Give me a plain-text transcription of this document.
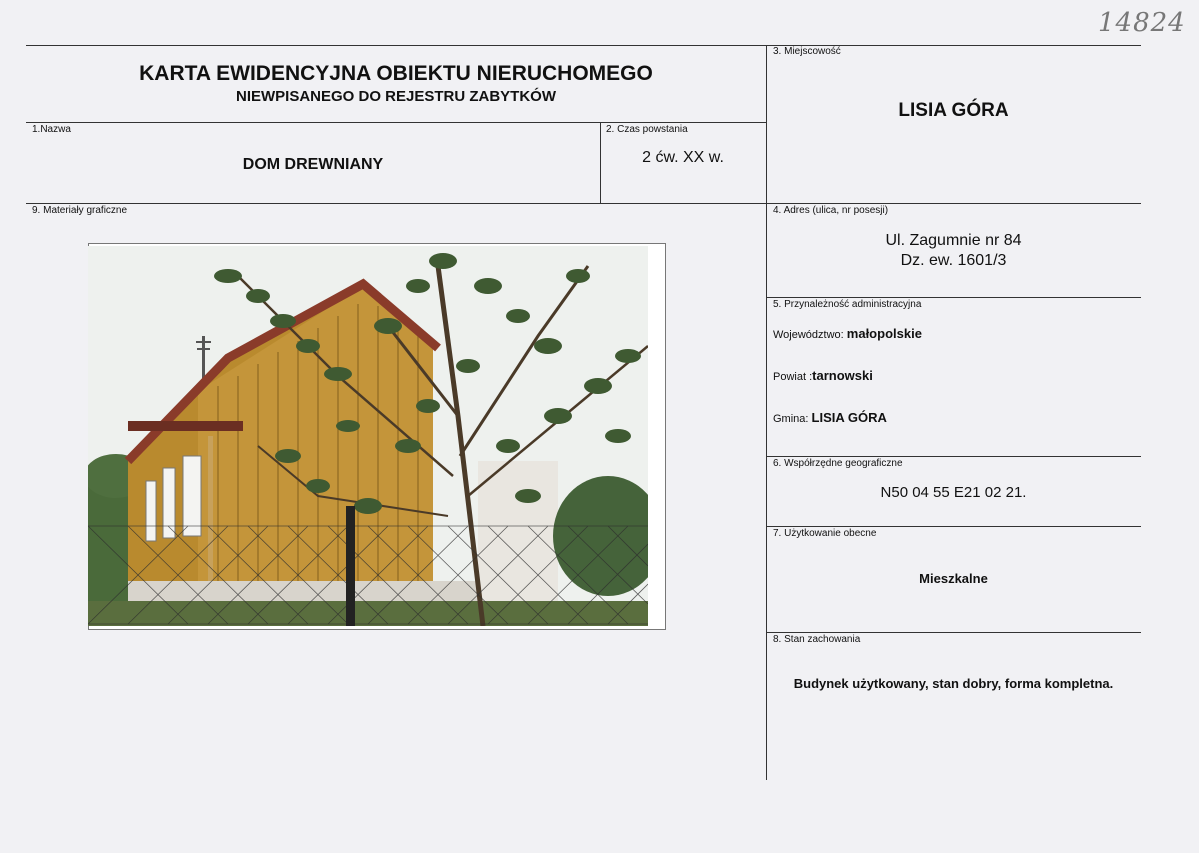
14824
KARTA EWIDENCYJNA OBIEKTU NIERUCHOMEGO
NIEWPISANEGO DO REJESTRU ZABYTKÓW
1.Nazwa
DOM DREWNIANY
2. Czas powstania
2 ćw. XX w.
3. Miejscowość
LISIA GÓRA
9. Materiały graficzne	4. Adres (ulica, nr posesji)
Ul. Zagumnie nr 84
Dz. ew. 1601/3
5. Przynależność administracyjna
Województwo: małopolskie
Powiat :tarnowski
Gmina: LISIA GÓRA
6. Współrzędne geograficzne
N50 04 55 E21 02 21.
7. Użytkowanie obecne
Mieszkalne
8. Stan zachowania
Budynek użytkowany, stan dobry, forma kompletna.
